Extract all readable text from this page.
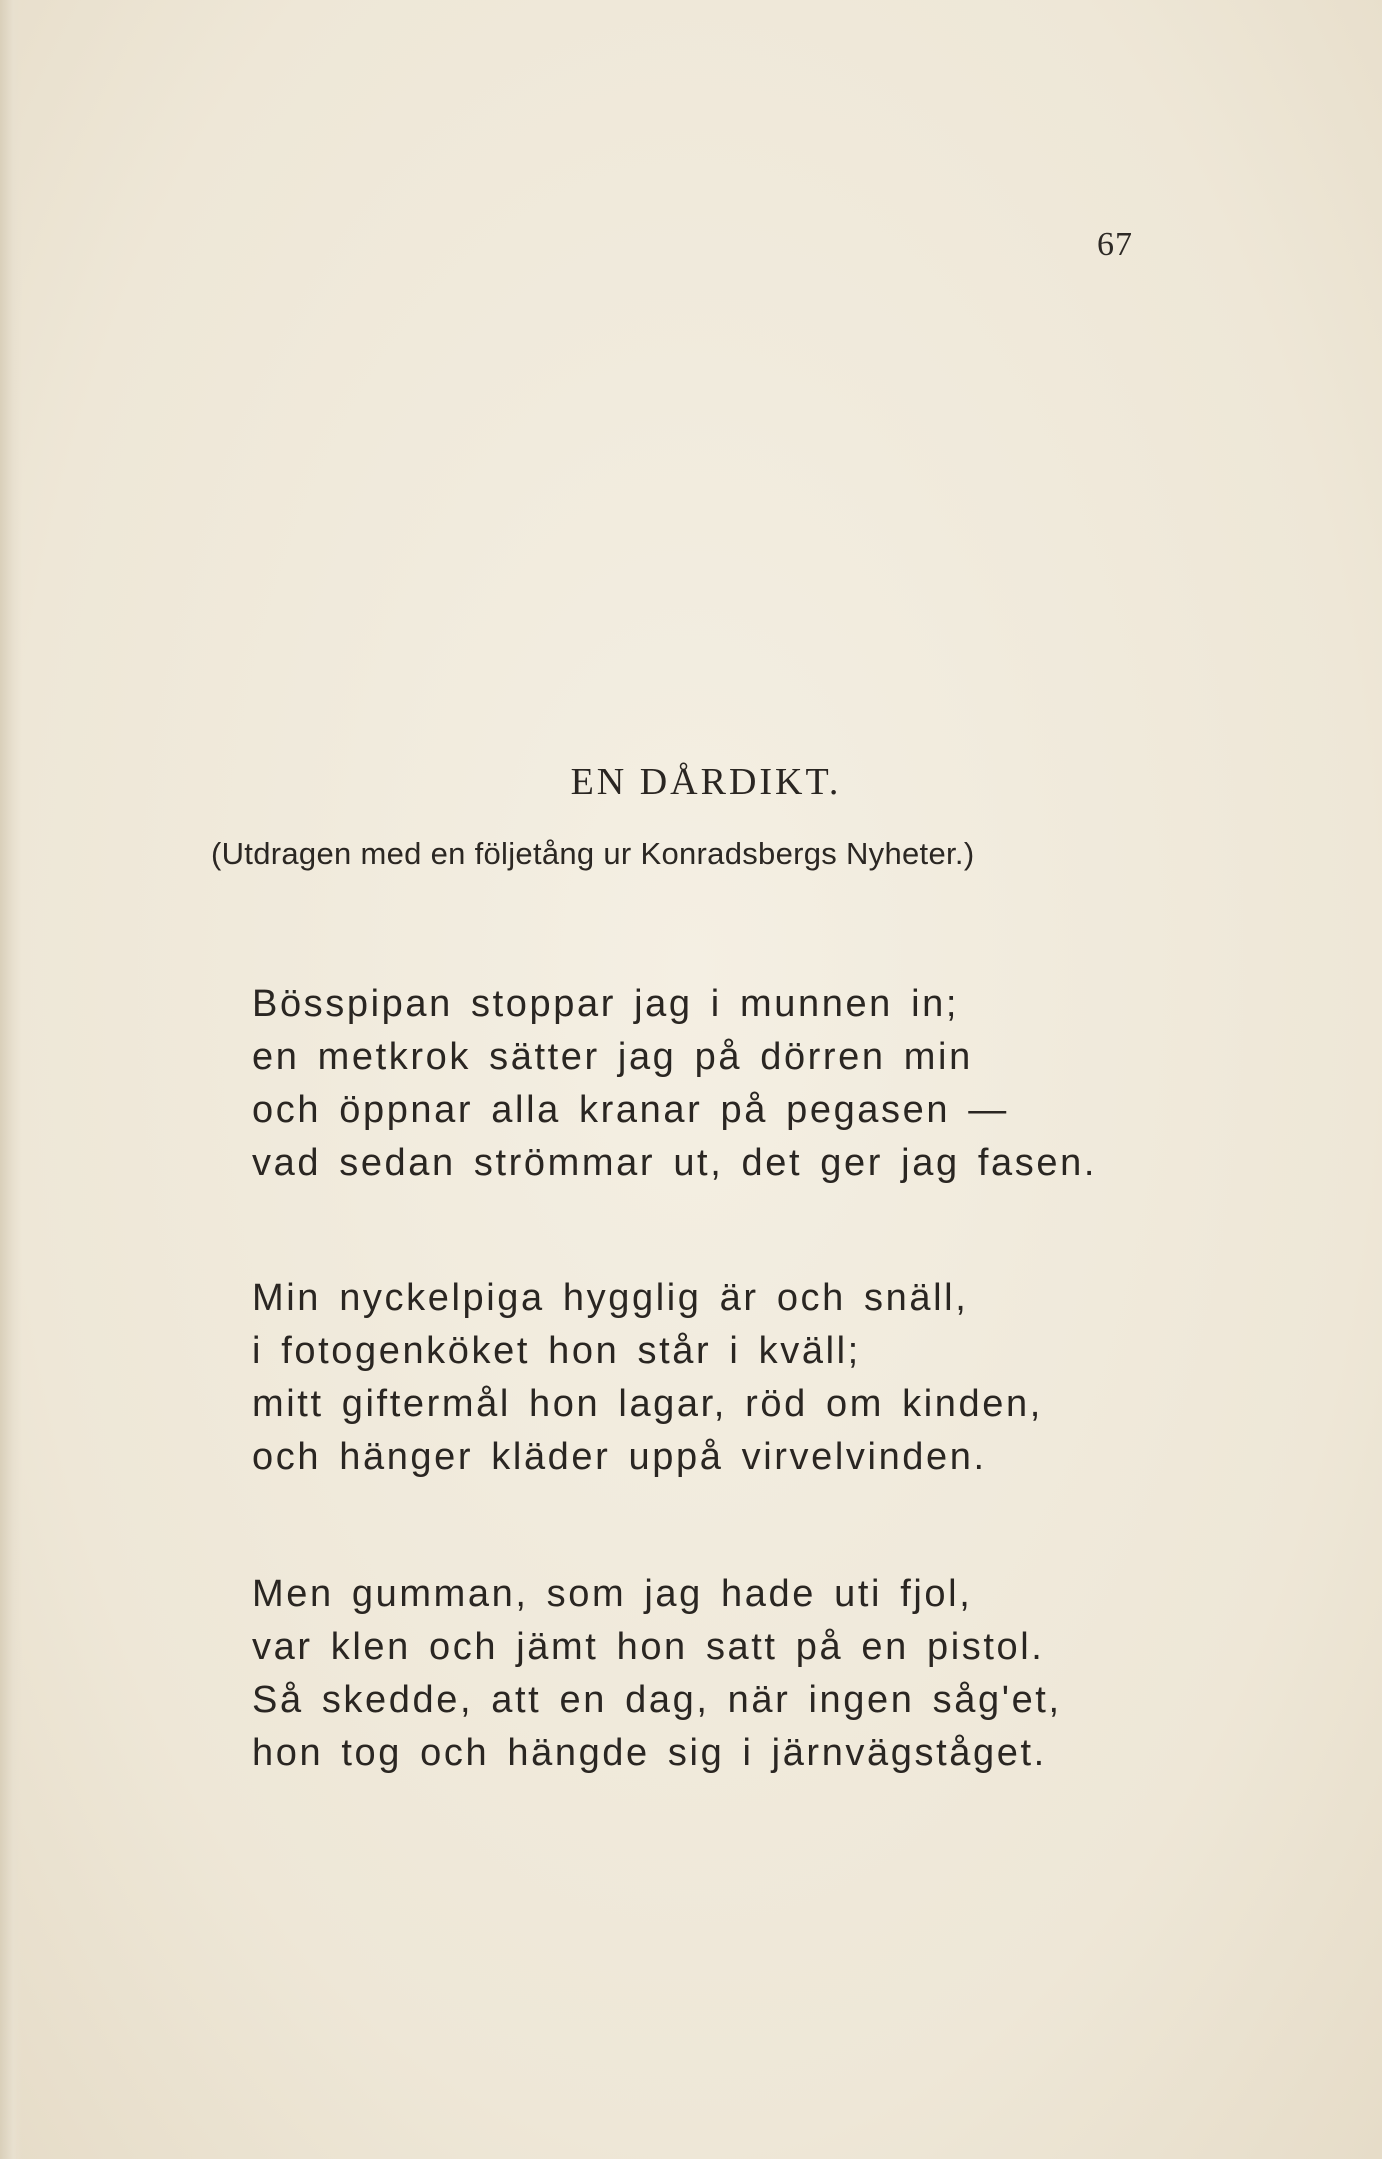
67
EN DÅRDIKT.
(Utdragen med en följetång ur Konradsbergs Nyheter.)
Bösspipan stoppar jag i munnen in;
en metkrok sätter jag på dörren min
och öppnar alla kranar på pegasen —
vad sedan strömmar ut, det ger jag fasen.
Min nyckelpiga hygglig är och snäll,
i fotogenköket hon står i kväll;
mitt giftermål hon lagar, röd om kinden,
och hänger kläder uppå virvelvinden.
Men gumman, som jag hade uti fjol,
var klen och jämt hon satt på en pistol.
Så skedde, att en dag, när ingen såg'et,
hon tog och hängde sig i järnvägståget.
